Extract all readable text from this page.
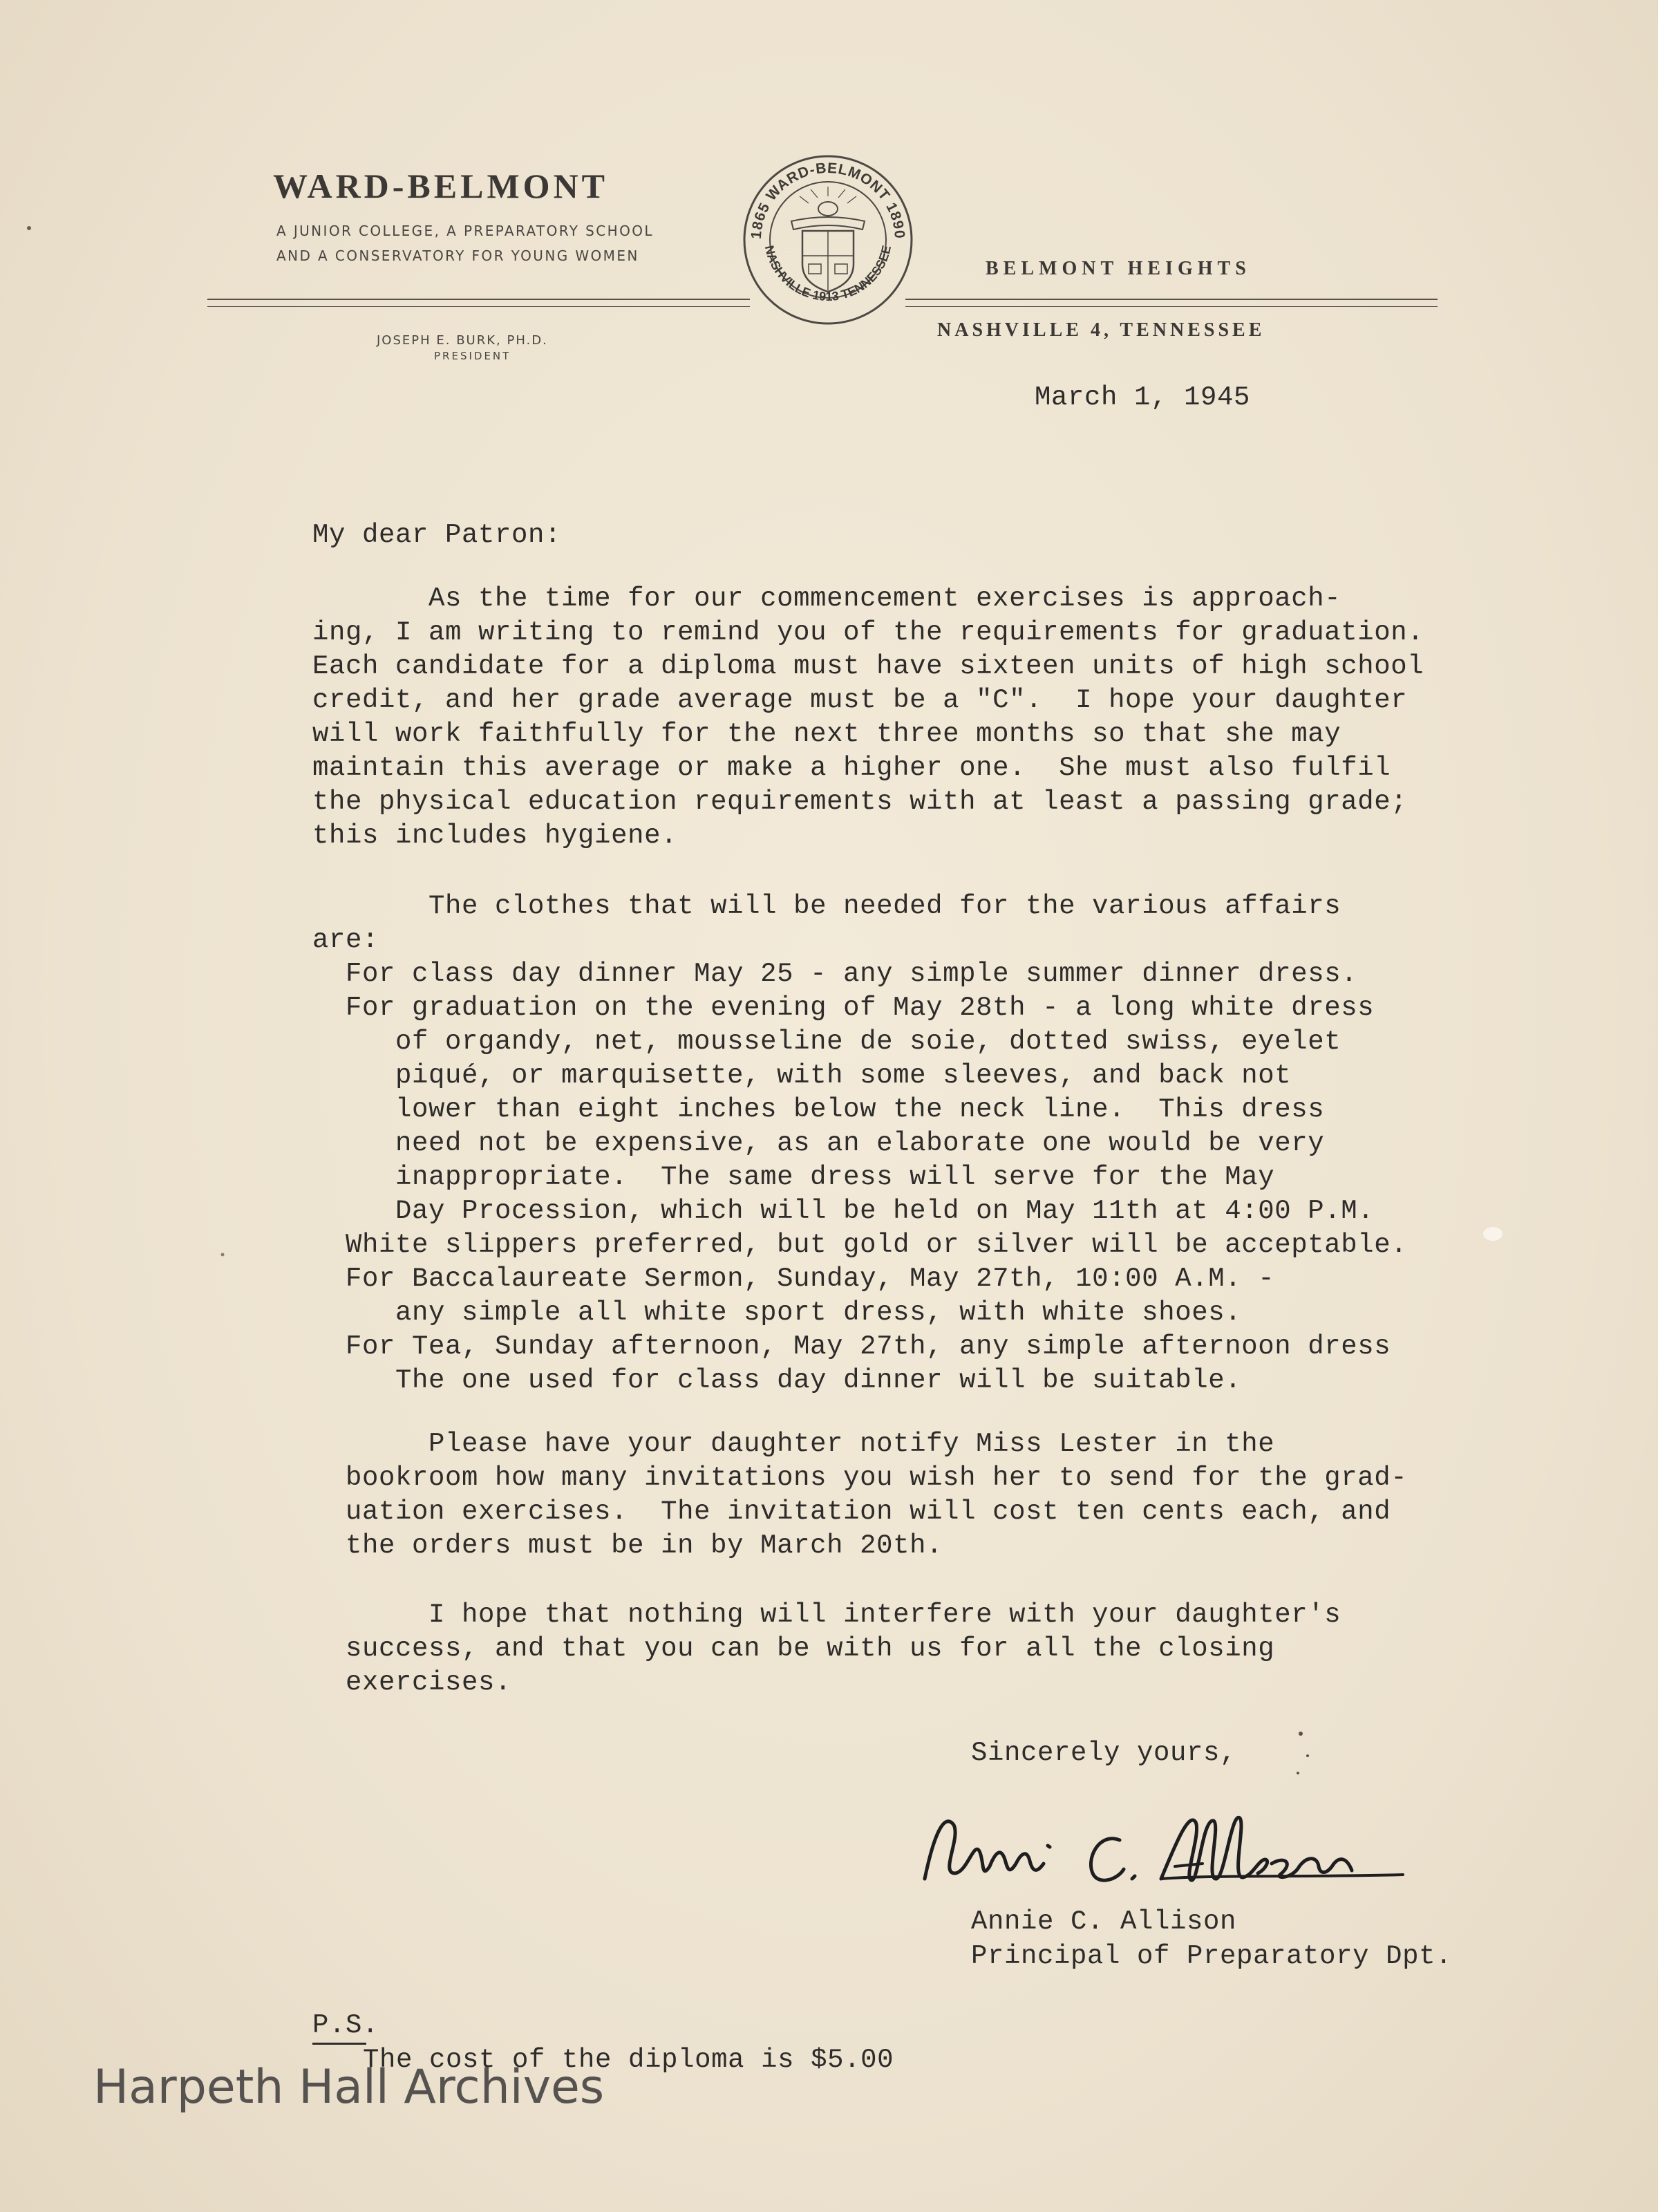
WARD-BELMONT
A JUNIOR COLLEGE, A PREPARATORY SCHOOL
AND A CONSERVATORY FOR YOUNG WOMEN
JOSEPH E. BURK, PH.D.
PRESIDENT
BELMONT HEIGHTS
NASHVILLE 4, TENNESSEE
1865 WARD-BELMONT 1890
NASHVILLE 1913 TENNESSEE
March 1, 1945
My dear Patron:
As the time for our commencement exercises is approach-
ing, I am writing to remind you of the requirements for graduation.
Each candidate for a diploma must have sixteen units of high school
credit, and her grade average must be a "C".  I hope your daughter
will work faithfully for the next three months so that she may
maintain this average or make a higher one.  She must also fulfil
the physical education requirements with at least a passing grade;
this includes hygiene.
The clothes that will be needed for the various affairs
are:
For class day dinner May 25 - any simple summer dinner dress.
For graduation on the evening of May 28th - a long white dress
of organdy, net, mousseline de soie, dotted swiss, eyelet
piqué, or marquisette, with some sleeves, and back not
lower than eight inches below the neck line.  This dress
need not be expensive, as an elaborate one would be very
inappropriate.  The same dress will serve for the May
Day Procession, which will be held on May 11th at 4:00 P.M.
White slippers preferred, but gold or silver will be acceptable.
For Baccalaureate Sermon, Sunday, May 27th, 10:00 A.M. -
any simple all white sport dress, with white shoes.
For Tea, Sunday afternoon, May 27th, any simple afternoon dress
The one used for class day dinner will be suitable.
Please have your daughter notify Miss Lester in the
bookroom how many invitations you wish her to send for the grad-
uation exercises.  The invitation will cost ten cents each, and
the orders must be in by March 20th.
I hope that nothing will interfere with your daughter's
success, and that you can be with us for all the closing
exercises.
Sincerely yours,
Annie C. Allison
Principal of Preparatory Dpt.
P.S.
The cost of the diploma is $5.00
Harpeth Hall Archives
